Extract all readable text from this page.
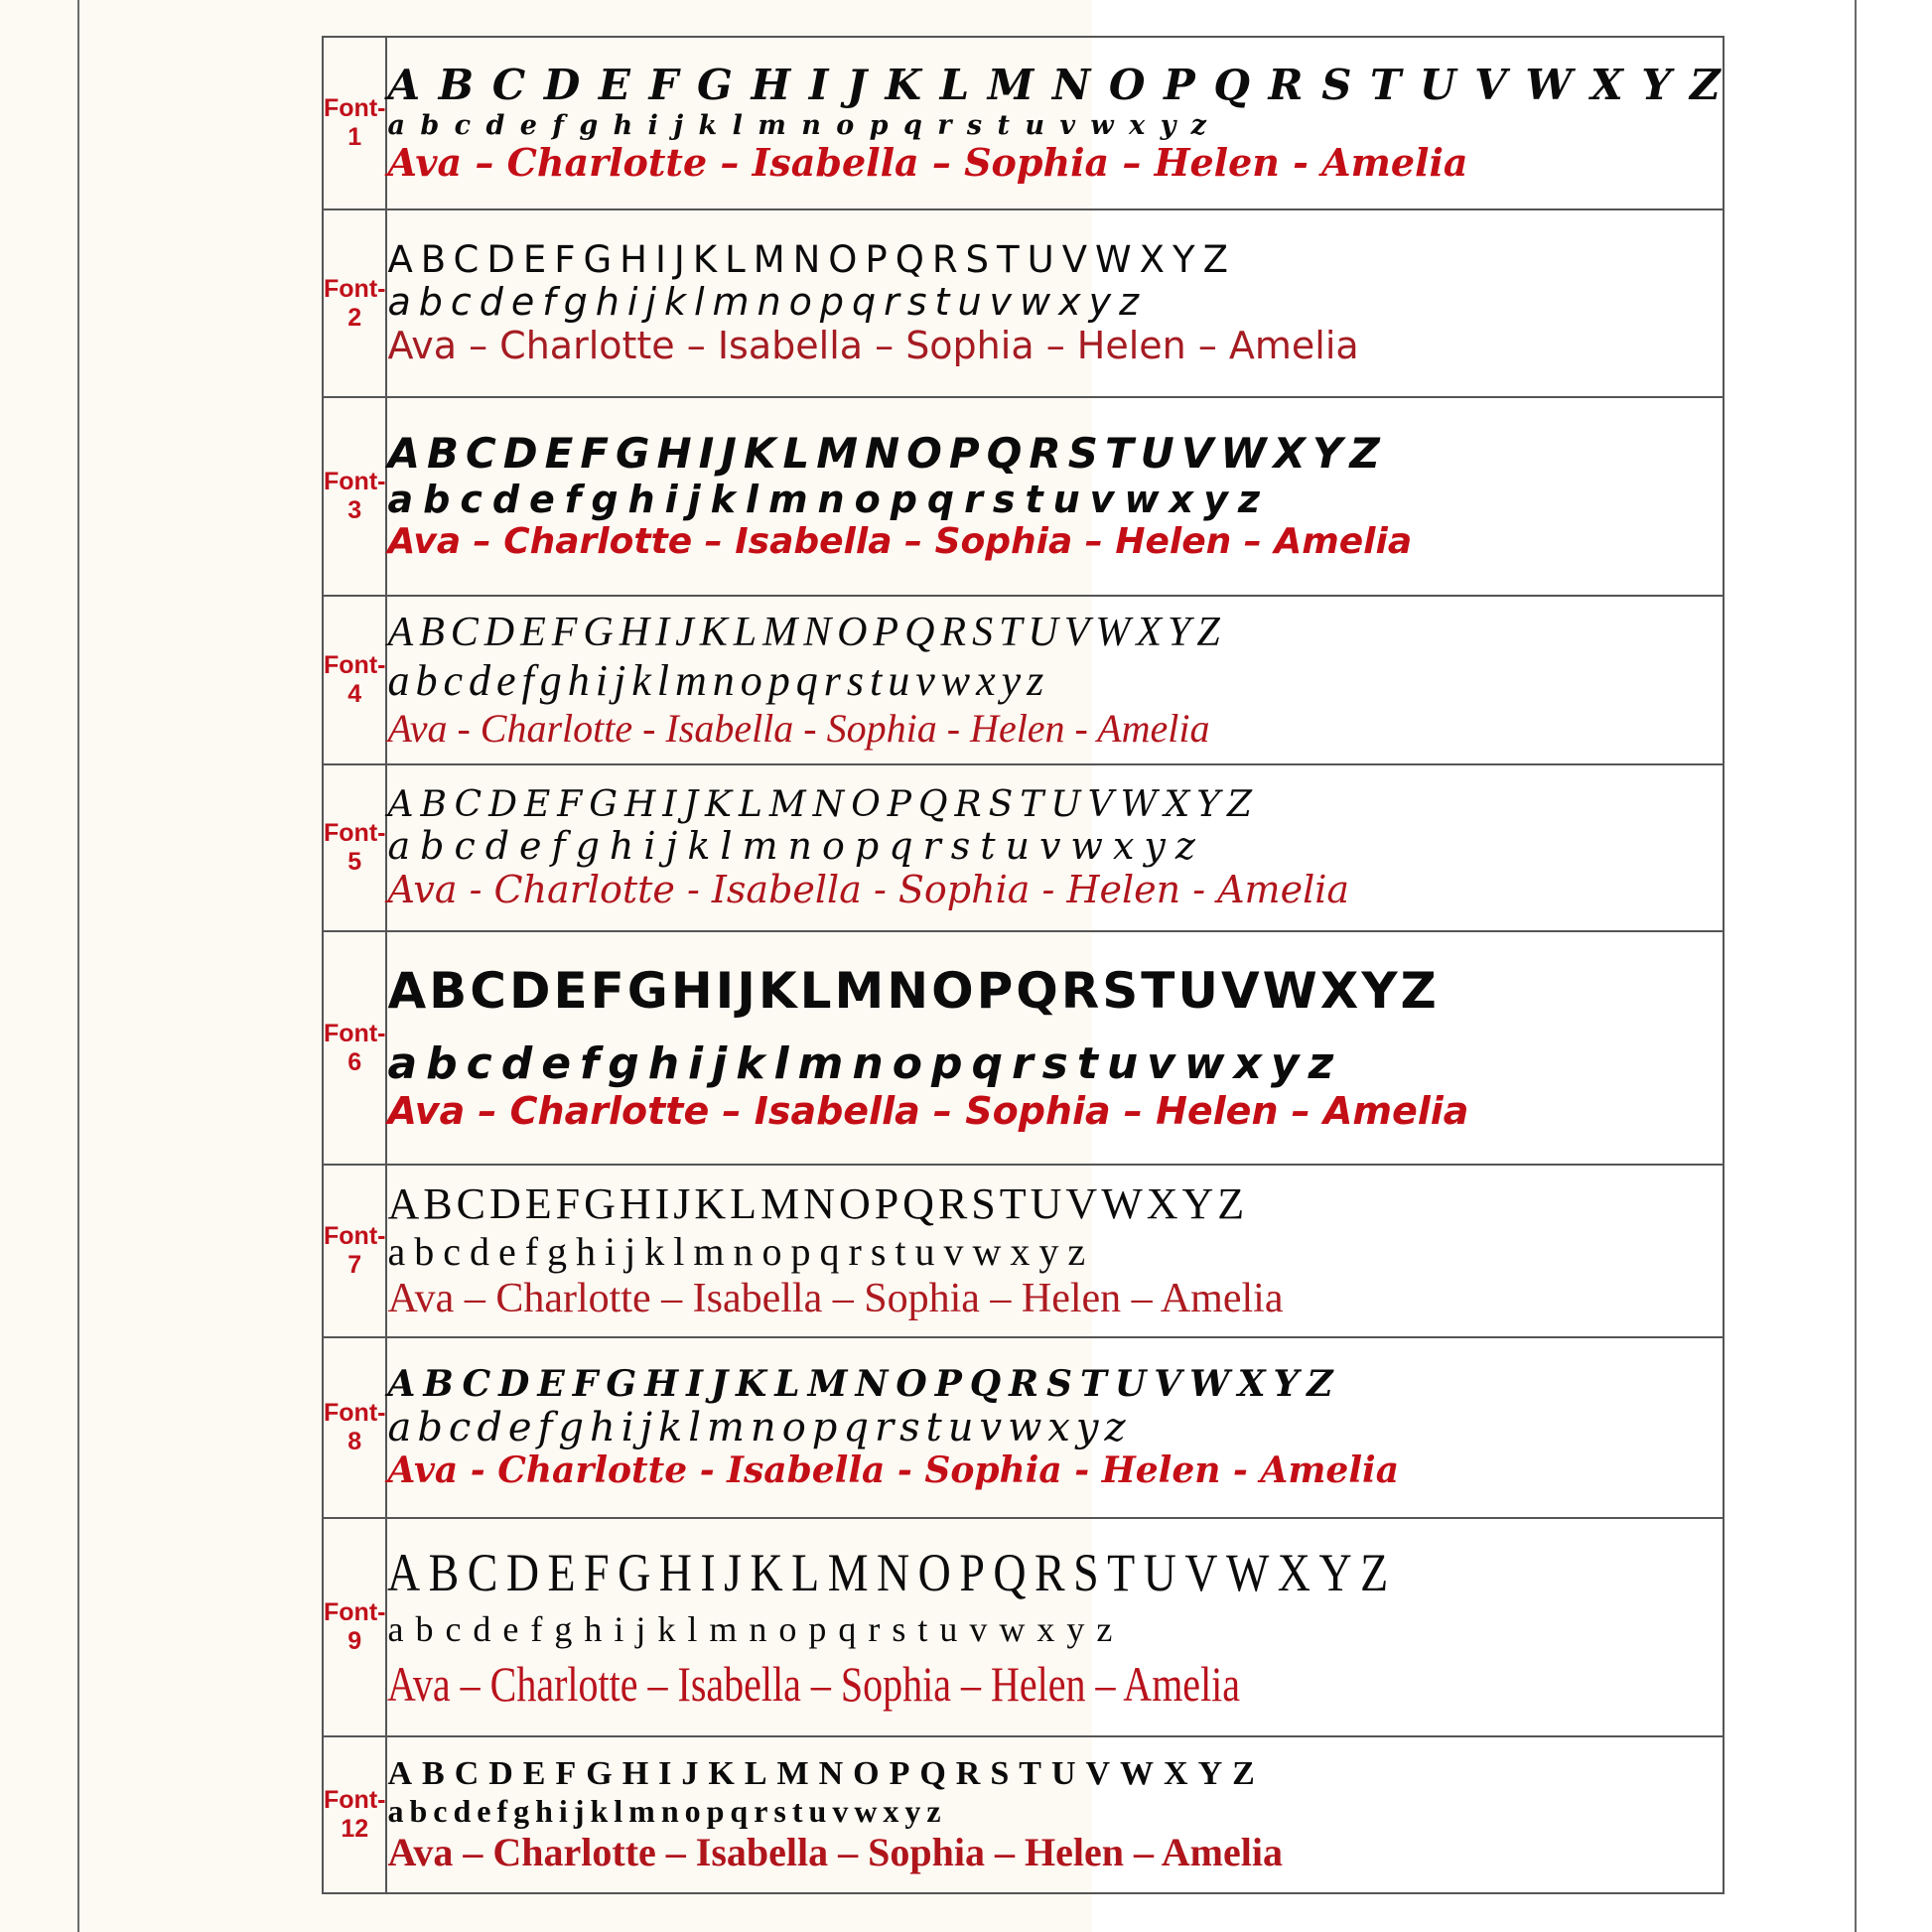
Font-1	A B C D E F G H I J K L M N O P Q R S T U V W X Y Z
a b c d e f g h i j k l m n o p q r s t u v w x y z
Ava – Charlotte – Isabella – Sophia – Helen - Amelia

Font-2	ABCDEFGHIJKLMNOPQRSTUVWXYZ
abcdefghijklmnopqrstuvwxyz
Ava – Charlotte – Isabella – Sophia – Helen – Amelia

Font-3	ABCDEFGHIJKLMNOPQRSTUVWXYZ
abcdefghijklmnopqrstuvwxyz
Ava – Charlotte – Isabella – Sophia – Helen – Amelia

Font-4	ABCDEFGHIJKLMNOPQRSTUVWXYZ
abcdefghijklmnopqrstuvwxyz
Ava - Charlotte - Isabella - Sophia - Helen - Amelia

Font-5	ABCDEFGHIJKLMNOPQRSTUVWXYZ
abcdefghijklmnopqrstuvwxyz
Ava - Charlotte - Isabella - Sophia - Helen - Amelia

Font-6	ABCDEFGHIJKLMNOPQRSTUVWXYZ
abcdefghijklmnopqrstuvwxyz
Ava – Charlotte – Isabella – Sophia – Helen – Amelia

Font-7	ABCDEFGHIJKLMNOPQRSTUVWXYZ
abcdefghijklmnopqrstuvwxyz
Ava – Charlotte – Isabella – Sophia – Helen – Amelia

Font-8	ABCDEFGHIJKLMNOPQRSTUVWXYZ
abcdefghijklmnopqrstuvwxyz
Ava - Charlotte - Isabella - Sophia - Helen - Amelia

Font-9	ABCDEFGHIJKLMNOPQRSTUVWXYZ
abcdefghijklmnopqrstuvwxyz
Ava – Charlotte – Isabella – Sophia – Helen – Amelia

Font-12	ABCDEFGHIJKLMNOPQRSTUVWXYZ
abcdefghijklmnopqrstuvwxyz
Ava – Charlotte – Isabella – Sophia – Helen – Amelia
